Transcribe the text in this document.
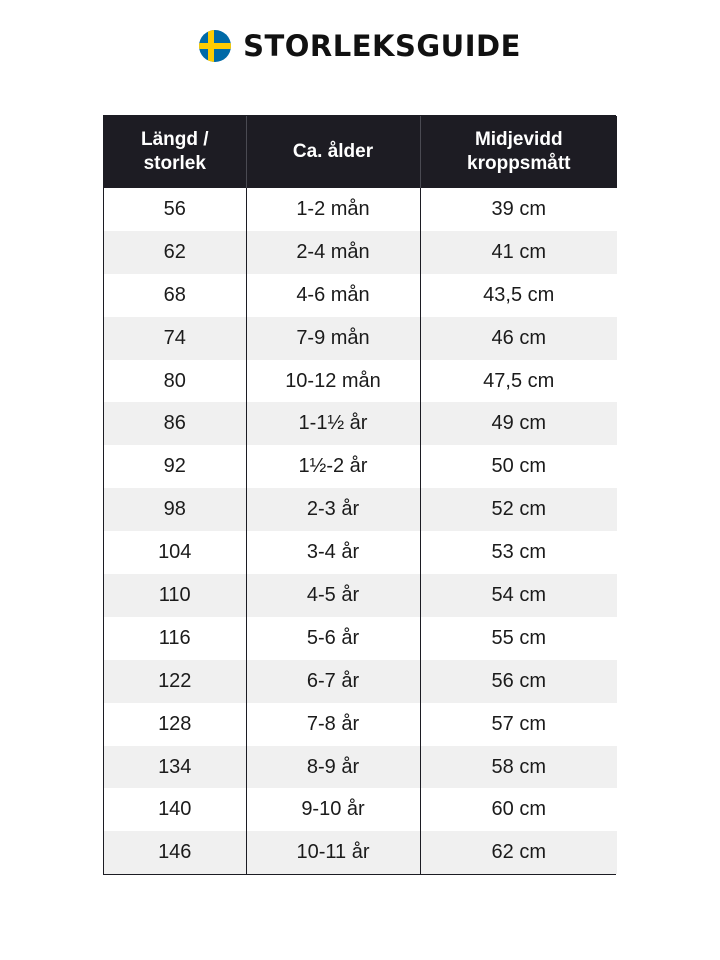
STORLEKSGUIDE
Längd / storlek	Ca. ålder	Midjevidd kroppsmått
56	1-2 mån	39 cm
62	2-4 mån	41 cm
68	4-6 mån	43,5 cm
74	7-9 mån	46 cm
80	10-12 mån	47,5 cm
86	1-1½ år	49 cm
92	1½-2 år	50 cm
98	2-3 år	52 cm
104	3-4 år	53 cm
110	4-5 år	54 cm
116	5-6 år	55 cm
122	6-7 år	56 cm
128	7-8 år	57 cm
134	8-9 år	58 cm
140	9-10 år	60 cm
146	10-11 år	62 cm
